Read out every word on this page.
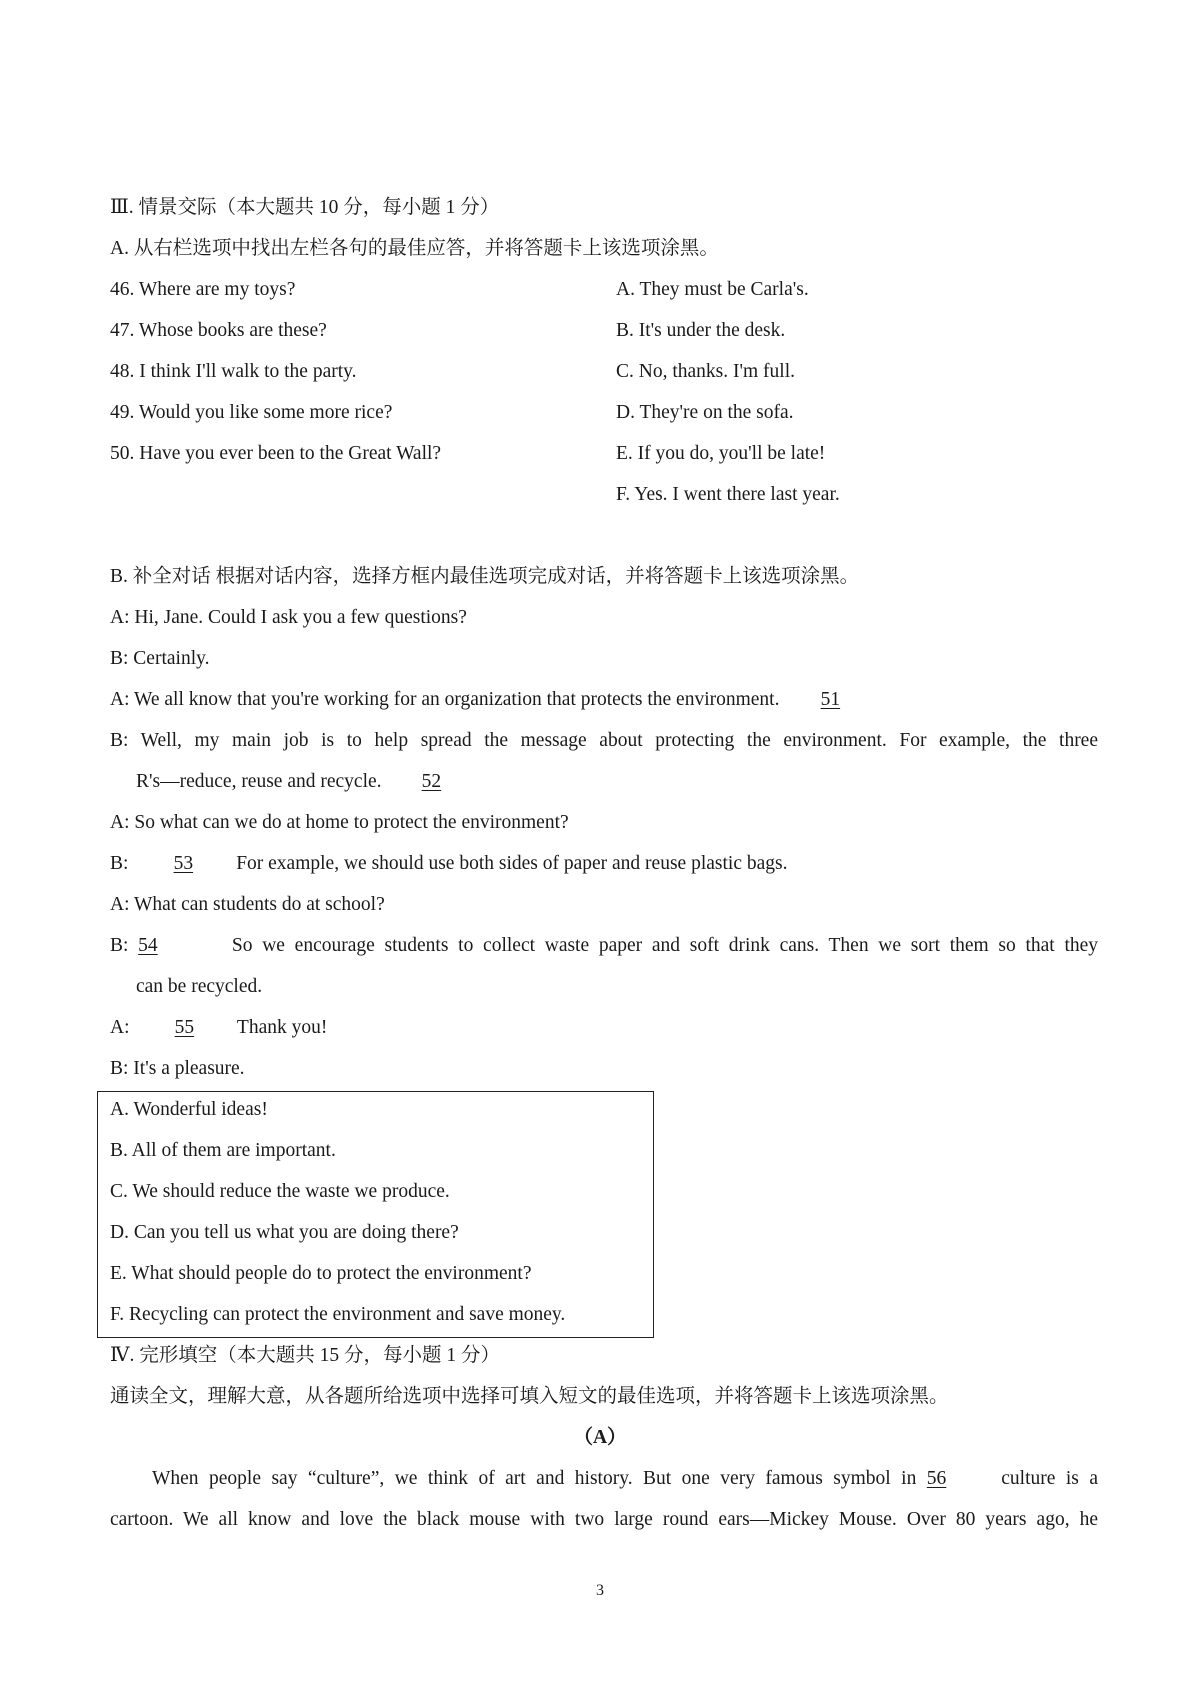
Ⅲ. 情景交际（本大题共 10 分，每小题 1 分）
A. 从右栏选项中找出左栏各句的最佳应答，并将答题卡上该选项涂黑。
46. Where are my toys?
47. Whose books are these?
48. I think I'll walk to the party.
49. Would you like some more rice?
50. Have you ever been to the Great Wall?
A. They must be Carla's.
B. It's under the desk.
C. No, thanks. I'm full.
D. They're on the sofa.
E. If you do, you'll be late!
F. Yes. I went there last year.
B. 补全对话 根据对话内容，选择方框内最佳选项完成对话，并将答题卡上该选项涂黑。
A: Hi, Jane. Could I ask you a few questions?
B: Certainly.
A: We all know that you're working for an organization that protects the environment. 51
B: Well, my main job is to help spread the message about protecting the environment. For example, the three
R's—reduce, reuse and recycle. 52
A: So what can we do at home to protect the environment?
B: 53 For example, we should use both sides of paper and reuse plastic bags.
A: What can students do at school?
B: 54	So we encourage students to collect waste paper and soft drink cans. Then we sort them so that they
can be recycled.
A: 55 Thank you!
B: It's a pleasure.
A. Wonderful ideas!
B. All of them are important.
C. We should reduce the waste we produce.
D. Can you tell us what you are doing there?
E. What should people do to protect the environment?
F. Recycling can protect the environment and save money.
Ⅳ. 完形填空（本大题共 15 分，每小题 1 分）
通读全文，理解大意，从各题所给选项中选择可填入短文的最佳选项，并将答题卡上该选项涂黑。
（A）
When people say “culture”, we think of art and history. But one very famous symbol in 56	culture is a
cartoon. We all know and love the black mouse with two large round ears—Mickey Mouse. Over 80 years ago, he
3
